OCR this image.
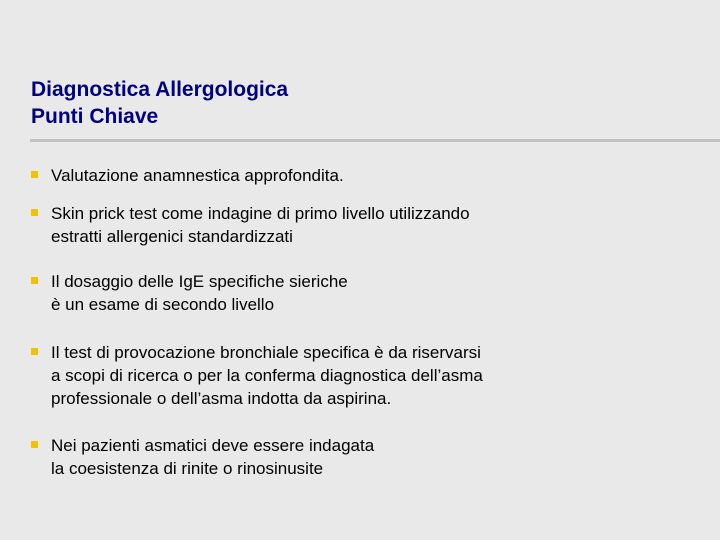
Diagnostica Allergologica
Punti Chiave
Valutazione anamnestica approfondita.
Skin prick test come indagine di primo livello utilizzando
estratti allergenici standardizzati
Il dosaggio delle IgE specifiche sieriche
è un esame di secondo livello
Il test di provocazione bronchiale specifica è da riservarsi
a scopi di ricerca o per la conferma diagnostica dell’asma
professionale o dell’asma indotta da aspirina.
Nei pazienti asmatici deve essere indagata
la coesistenza di rinite o rinosinusite
